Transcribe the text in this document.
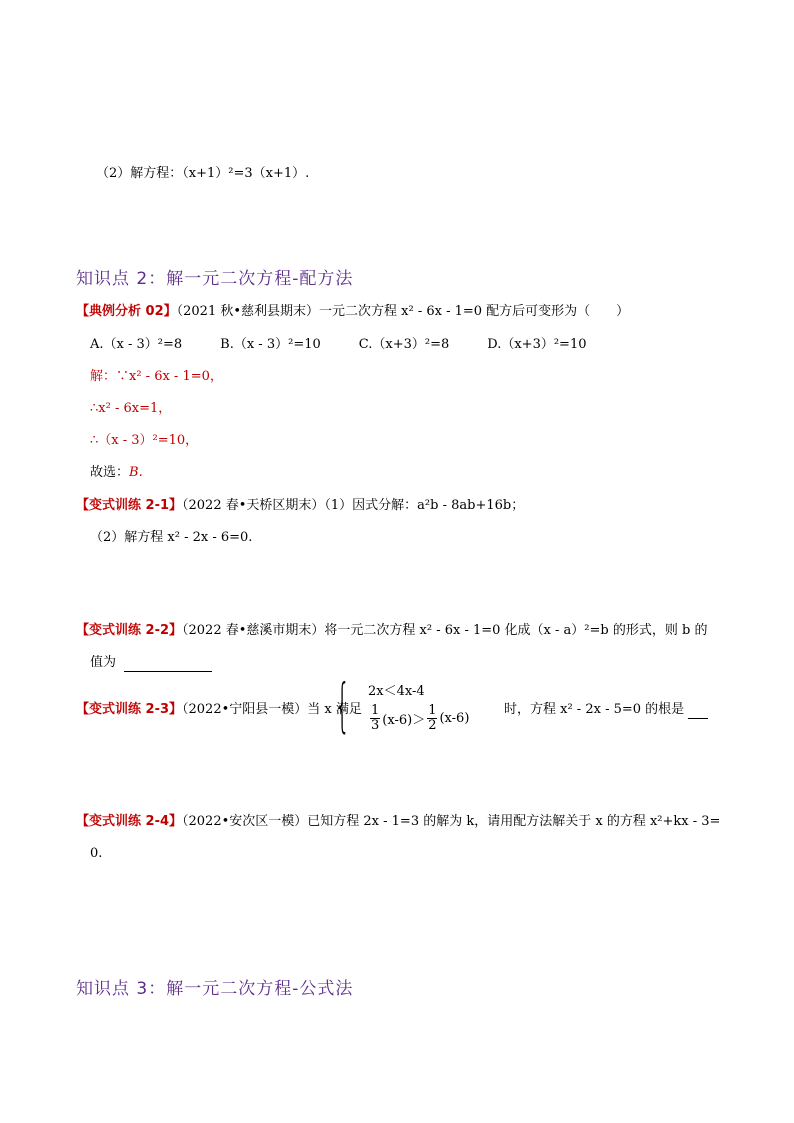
（2）解方程：（x+1）²=3（x+1）.
知识点 2：解一元二次方程-配方法
【典例分析 02】（2021 秋•慈利县期末）一元二次方程 x² - 6x - 1=0 配方后可变形为（　　）
A.（x - 3）²=8	B.（x - 3）²=10	C.（x+3）²=8	D.（x+3）²=10
解：∵x² - 6x - 1=0，
∴x² - 6x=1，
∴（x - 3）²=10，
故选：B.
【变式训练 2-1】（2022 春•天桥区期末）（1）因式分解：a²b - 8ab+16b；
（2）解方程 x² - 2x - 6=0.
【变式训练 2-2】（2022 春•慈溪市期末）将一元二次方程 x² - 6x - 1=0 化成（x - a）²=b 的形式，则 b 的
值为
【变式训练 2-3】（2022•宁阳县一模）当 x 满足
{ 2x＜4x-4
$\frac{1}{3} (x-6)> \frac{1}{2} (x-6)$
时，方程 x² - 2x - 5=0 的根是
【变式训练 2-4】（2022•安次区一模）已知方程 2x - 1=3 的解为 k，请用配方法解关于 x 的方程 x²+kx - 3=
0.
知识点 3：解一元二次方程-公式法
